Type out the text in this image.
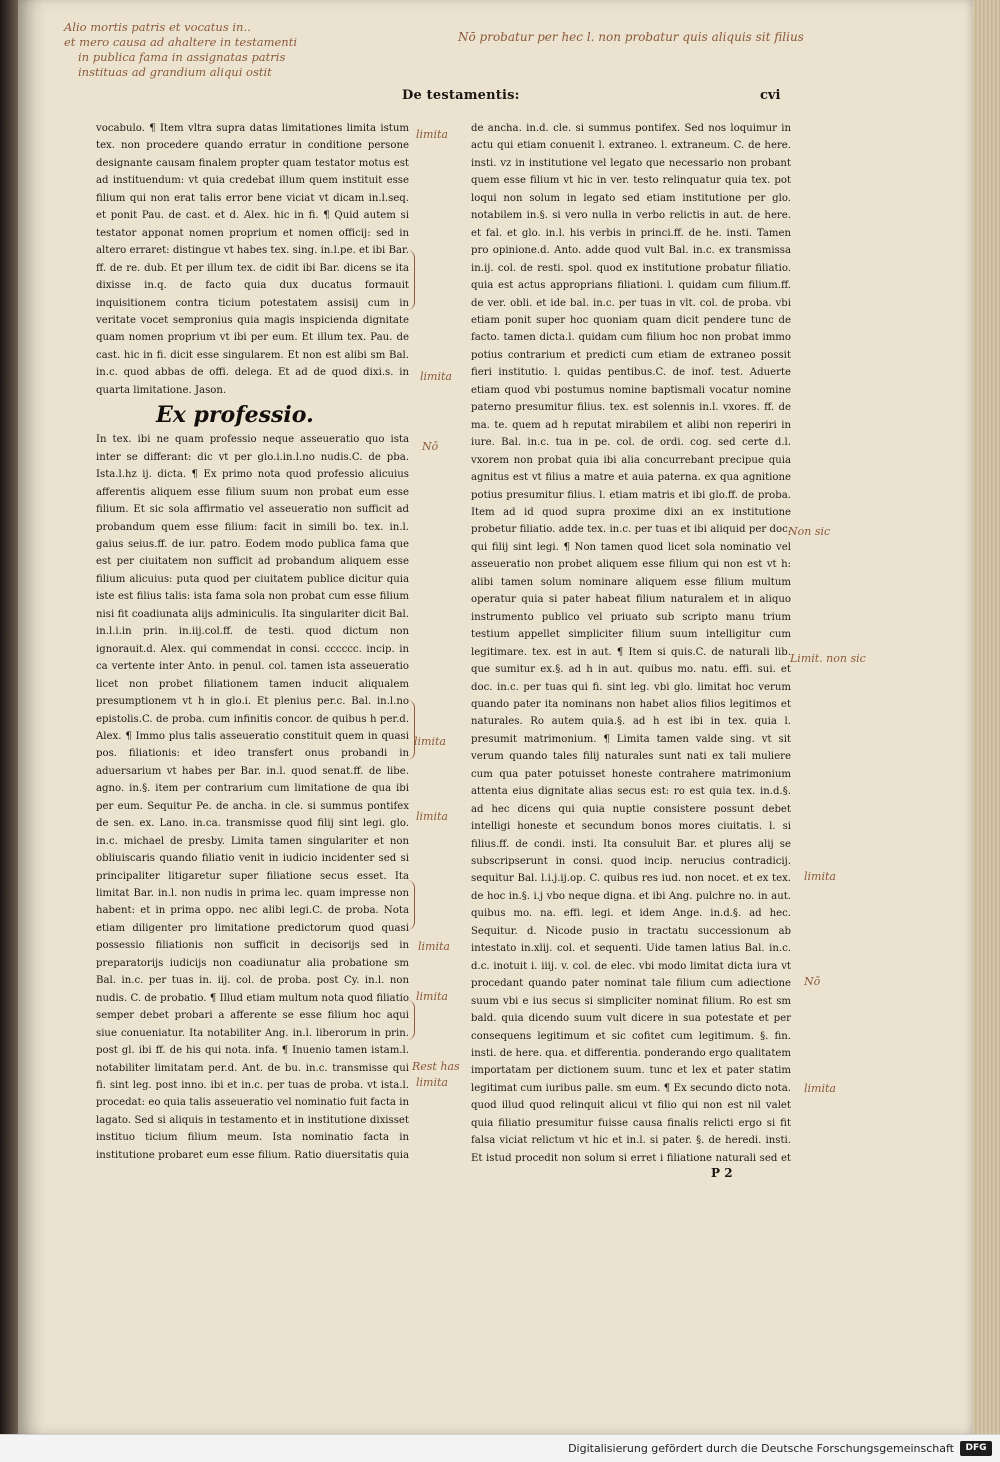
Alio mortis patris et vocatus in..
et mero causa ad ahaltere in testamenti
in publica fama in assignatas patris
instituas ad grandium aliqui ostit
Nō probatur per hec l. non probatur quis aliquis sit filius
De testamentis:	cvi

vocabulo. ¶ Item vltra supra datas limitationes limita istum tex. non procedere quando erratur in conditione persone designante causam finalem propter quam testator motus est ad instituendum: vt quia credebat illum quem instituit esse filium qui non erat talis error bene viciat vt dicam in.l.seq. et ponit Pau. de cast. et d. Alex. hic in fi. ¶ Quid autem si testator apponat nomen proprium et nomen officij: sed in altero erraret: distingue vt habes tex. sing. in.l.pe. et ibi Bar. ff. de re. dub. Et per illum tex. de cidit ibi Bar. dicens se ita dixisse in.q. de facto quia dux ducatus formauit inquisitionem contra ticium potestatem assisij cum in veritate vocet sempronius quia magis inspicienda dignitate quam nomen proprium vt ibi per eum. Et illum tex. Pau. de cast. hic in fi. dicit esse singularem. Et non est alibi sm Bal. in.c. quod abbas de offi. delega. Et ad de quod dixi.s. in quarta limitatione. Jason.

Ex professio.

In tex. ibi ne quam professio neque asseueratio quo ista inter se differant: dic vt per glo.i.in.l.no nudis.C. de pba. Ista.l.hz ij. dicta. ¶ Ex primo nota quod professio alicuius afferentis aliquem esse filium suum non probat eum esse filium. Et sic sola affirmatio vel asseueratio non sufficit ad probandum quem esse filium: facit in simili bo. tex. in.l. gaius seius.ff. de iur. patro. Eodem modo publica fama que est per ciuitatem non sufficit ad probandum aliquem esse filium alicuius: puta quod per ciuitatem publice dicitur quia iste est filius talis: ista fama sola non probat cum esse filium nisi fit coadiunata alijs adminiculis. Ita singulariter dicit Bal. in.l.i.in prin. in.iij.col.ff. de testi. quod dictum non ignorauit.d. Alex. qui commendat in consi. cccccc. incip. in ca vertente inter Anto. in penul. col. tamen ista asseueratio licet non probet filiationem tamen inducit aliqualem presumptionem vt h in glo.i. Et plenius per.c. Bal. in.l.no epistolis.C. de proba. cum infinitis concor. de quibus h per.d. Alex. ¶ Immo plus talis asseueratio constituit quem in quasi pos. filiationis: et ideo transfert onus probandi in aduersarium vt habes per Bar. in.l. quod senat.ff. de libe. agno. in.§. item per contrarium cum limitatione de qua ibi per eum. Sequitur Pe. de ancha. in cle. si summus pontifex de sen. ex. Lano. in.ca. transmisse quod filij sint legi. glo. in.c. michael de presby. Limita tamen singulariter et non obliuiscaris quando filiatio venit in iudicio incidenter sed si principaliter litigaretur super filiatione secus esset. Ita limitat Bar. in.l. non nudis in prima lec. quam impresse non habent: et in prima oppo. nec alibi legi.C. de proba. Nota etiam diligenter pro limitatione predictorum quod quasi possessio filiationis non sufficit in decisorijs sed in preparatorijs iudicijs non coadiunatur alia probatione sm Bal. in.c. per tuas in. iij. col. de proba. post Cy. in.l. non nudis. C. de probatio. ¶ Illud etiam multum nota quod filiatio semper debet probari a afferente se esse filium hoc aqui siue conueniatur. Ita notabiliter Ang. in.l. liberorum in prin. post gl. ibi ff. de his qui nota. infa. ¶ Inuenio tamen istam.l. notabiliter limitatam per.d. Ant. de bu. in.c. transmisse qui fi. sint leg. post inno. ibi et in.c. per tuas de proba. vt ista.l. procedat: eo quia talis asseueratio vel nominatio fuit facta in lagato. Sed si aliquis in testamento et in institutione dixisset instituo ticium filium meum. Ista nominatio facta in institutione probaret eum esse filium. Ratio diuersitatis quia

de ancha. in.d. cle. si summus pontifex. Sed nos loquimur in actu qui etiam conuenit l. extraneo. l. extraneum. C. de here. insti. vz in institutione vel legato que necessario non probant quem esse filium vt hic in ver. testo relinquatur quia tex. pot loqui non solum in legato sed etiam institutione per glo. notabilem in.§. si vero nulla in verbo relictis in aut. de here. et fal. et glo. in.l. his verbis in princi.ff. de he. insti. Tamen pro opinione.d. Anto. adde quod vult Bal. in.c. ex transmissa in.ij. col. de resti. spol. quod ex institutione probatur filiatio. quia est actus approprians filiationi. l. quidam cum filium.ff. de ver. obli. et ide bal. in.c. per tuas in vlt. col. de proba. vbi etiam ponit super hoc quoniam quam dicit pendere tunc de facto. tamen dicta.l. quidam cum filium hoc non probat immo potius contrarium et predicti cum etiam de extraneo possit fieri institutio. l. quidas pentibus.C. de inof. test. Aduerte etiam quod vbi postumus nomine baptismali vocatur nomine paterno presumitur filius. tex. est solennis in.l. vxores. ff. de ma. te. quem ad h reputat mirabilem et alibi non reperiri in iure. Bal. in.c. tua in pe. col. de ordi. cog. sed certe d.l. vxorem non probat quia ibi alia concurrebant precipue quia agnitus est vt filius a matre et auia paterna. ex qua agnitione potius presumitur filius. l. etiam matris et ibi glo.ff. de proba. Item ad id quod supra proxime dixi an ex institutione probetur filiatio. adde tex. in.c. per tuas et ibi aliquid per doc. qui filij sint legi. ¶ Non tamen quod licet sola nominatio vel asseueratio non probet aliquem esse filium qui non est vt h: alibi tamen solum nominare aliquem esse filium multum operatur quia si pater habeat filium naturalem et in aliquo instrumento publico vel priuato sub scripto manu trium testium appellet simpliciter filium suum intelligitur cum legitimare. tex. est in aut. ¶ Item si quis.C. de naturali lib. que sumitur ex.§. ad h in aut. quibus mo. natu. effi. sui. et doc. in.c. per tuas qui fi. sint leg. vbi glo. limitat hoc verum quando pater ita nominans non habet alios filios legitimos et naturales. Ro autem quia.§. ad h est ibi in tex. quia l. presumit matrimonium. ¶ Limita tamen valde sing. vt sit verum quando tales filij naturales sunt nati ex tali muliere cum qua pater potuisset honeste contrahere matrimonium attenta eius dignitate alias secus est: ro est quia tex. in.d.§. ad hec dicens qui quia nuptie consistere possunt debet intelligi honeste et secundum bonos mores ciuitatis. l. si filius.ff. de condi. insti. Ita consuluit Bar. et plures alij se subscripserunt in consi. quod incip. nerucius contradicij. sequitur Bal. l.i.j.ij.op. C. quibus res iud. non nocet. et ex tex. de hoc in.§. i.j vbo neque digna. et ibi Ang. pulchre no. in aut. quibus mo. na. effi. legi. et idem Ange. in.d.§. ad hec. Sequitur. d. Nicode pusio in tractatu successionum ab intestato in.xlij. col. et sequenti. Uide tamen latius Bal. in.c. d.c. inotuit i. iiij. v. col. de elec. vbi modo limitat dicta iura vt procedant quando pater nominat tale filium cum adiectione suum vbi e ius secus si simpliciter nominat filium. Ro est sm bald. quia dicendo suum vult dicere in sua potestate et per consequens legitimum et sic cofitet cum legitimum. §. fin. insti. de here. qua. et differentia. ponderando ergo qualitatem importatam per dictionem suum. tunc et lex et pater statim legitimat cum iuribus palle. sm eum. ¶ Ex secundo dicto nota. quod illud quod relinquit alicui vt filio qui non est nil valet quia filiatio presumitur fuisse causa finalis relicti ergo si fit falsa viciat relictum vt hic et in.l. si pater. §. de heredi. insti. Et istud procedit non solum si erret i filiatione naturali sed et

P 2
limita
limita
Nō
limita
limita
limita
Rest has
limita
Non sic
Limit. non sic
limita
Nō
limita
limita
Digitalisierung gefördert durch die Deutsche Forschungsgemeinschaft	DFG
